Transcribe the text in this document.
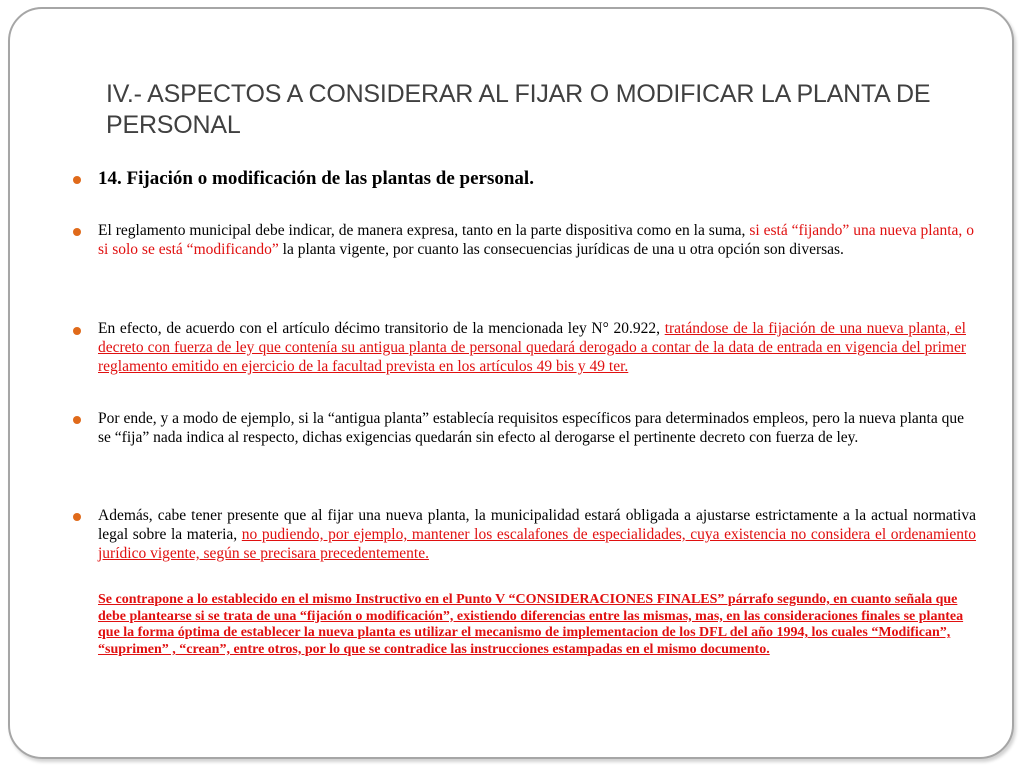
IV.- ASPECTOS A CONSIDERAR AL FIJAR O MODIFICAR LA PLANTA DE PERSONAL

14. Fijación o modificación de las plantas de personal.

El reglamento municipal debe indicar, de manera expresa, tanto en la parte dispositiva como en la suma, si está “fijando” una nueva planta, o si solo se está “modificando” la planta vigente, por cuanto las consecuencias jurídicas de una u otra opción son diversas.

En efecto, de acuerdo con el artículo décimo transitorio de la mencionada ley N° 20.922, tratándose de la fijación de una nueva planta, el decreto con fuerza de ley que contenía su antigua planta de personal quedará derogado a contar de la data de entrada en vigencia del primer reglamento emitido en ejercicio de la facultad prevista en los artículos 49 bis y 49 ter.

Por ende, y a modo de ejemplo, si la “antigua planta” establecía requisitos específicos para determinados empleos, pero la nueva planta que se “fija” nada indica al respecto, dichas exigencias quedarán sin efecto al derogarse el pertinente decreto con fuerza de ley.

Además, cabe tener presente que al fijar una nueva planta, la municipalidad estará obligada a ajustarse estrictamente a la actual normativa legal sobre la materia, no pudiendo, por ejemplo, mantener los escalafones de especialidades, cuya existencia no considera el ordenamiento jurídico vigente, según se precisara precedentemente.

Se contrapone a lo establecido en el mismo Instructivo en el Punto V “CONSIDERACIONES FINALES” párrafo segundo, en cuanto señala que debe plantearse si se trata de una “fijación o modificación”, existiendo diferencias entre las mismas, mas, en las consideraciones finales se plantea que la forma óptima de establecer la nueva planta es utilizar el mecanismo de implementacion de los DFL del año 1994, los cuales “Modifican”, “suprimen” , “crean”, entre otros, por lo que se contradice las instrucciones estampadas en el mismo documento.
